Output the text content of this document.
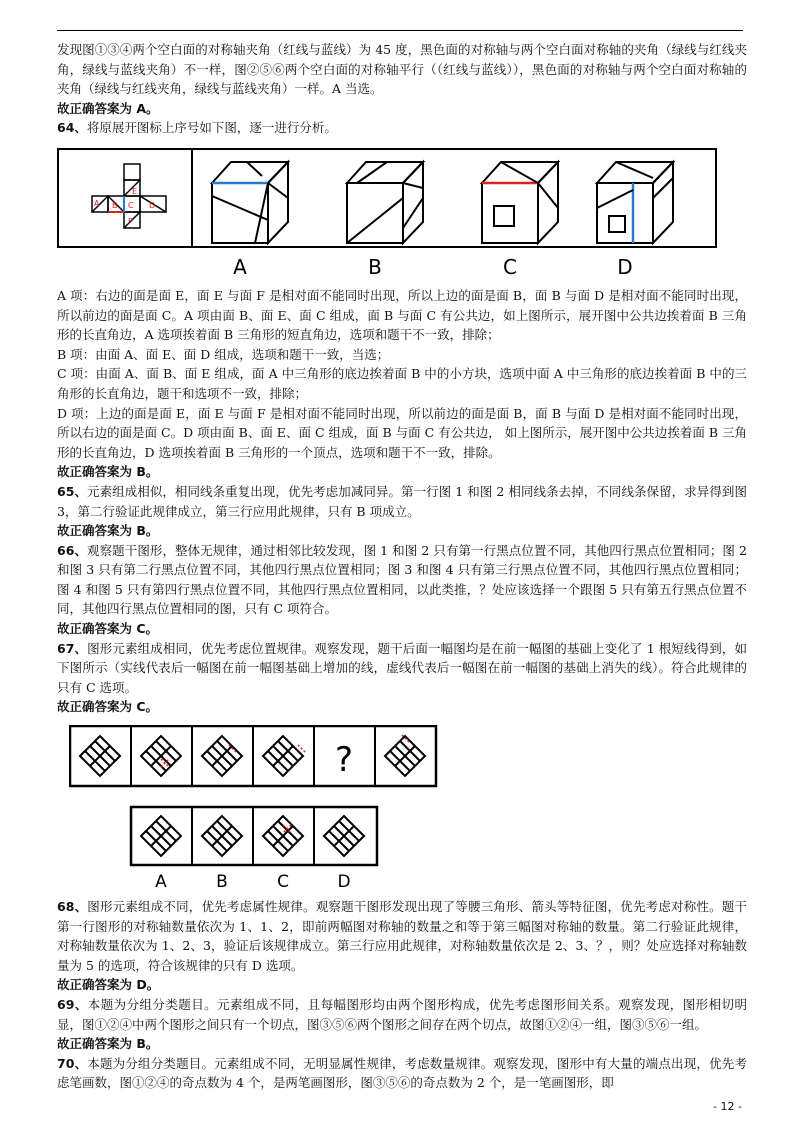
发现图①③④两个空白面的对称轴夹角（红线与蓝线）为 45 度，黑色面的对称轴与两个空白面对称轴的夹角（绿线与红线夹角，绿线与蓝线夹角）不一样，图②⑤⑥两个空白面的对称轴平行（（红线与蓝线）），黑色面的对称轴与两个空白面对称轴的夹角（绿线与红线夹角，绿线与蓝线夹角）一样。A 当选。

故正确答案为 A。

64、将原展开图标上序号如下图，逐一进行分析。

A B
E
C D
F
A	B	C	D

A 项：右边的面是面 E，面 E 与面 F 是相对面不能同时出现，所以上边的面是面 B，面 B 与面 D 是相对面不能同时出现，所以前边的面是面 C。A 项由面 B、面 E、面 C 组成，面 B 与面 C 有公共边，如上图所示，展开图中公共边挨着面 B 三角形的长直角边，A 选项挨着面 B 三角形的短直角边，选项和题干不一致，排除；

B 项：由面 A、面 E、面 D 组成，选项和题干一致，当选；

C 项：由面 A、面 B、面 E 组成，面 A 中三角形的底边挨着面 B 中的小方块，选项中面 A 中三角形的底边挨着面 B 中的三角形的长直角边，题干和选项不一致，排除；

D 项：上边的面是面 E，面 E 与面 F 是相对面不能同时出现，所以前边的面是面 B，面 B 与面 D 是相对面不能同时出现，所以右边的面是面 C。D 项由面 B、面 E、面 C 组成，面 B 与面 C 有公共边， 如上图所示，展开图中公共边挨着面 B 三角形的长直角边，D 选项挨着面 B 三角形的一个顶点，选项和题干不一致，排除。

故正确答案为 B。

65、元素组成相似，相同线条重复出现，优先考虑加减同异。第一行图 1 和图 2 相同线条去掉，不同线条保留，求异得到图 3，第二行验证此规律成立，第三行应用此规律，只有 B 项成立。

故正确答案为 B。

66、观察题干图形，整体无规律，通过相邻比较发现，图 1 和图 2 只有第一行黑点位置不同，其他四行黑点位置相同；图 2 和图 3 只有第二行黑点位置不同，其他四行黑点位置相同；图 3 和图 4 只有第三行黑点位置不同，其他四行黑点位置相同；图 4 和图 5 只有第四行黑点位置不同，其他四行黑点位置相同，以此类推，？处应该选择一个跟图 5 只有第五行黑点位置不同，其他四行黑点位置相同的图，只有 C 项符合。

故正确答案为 C。

67、图形元素组成相同，优先考虑位置规律。观察发现，题干后面一幅图均是在前一幅图的基础上变化了 1 根短线得到，如下图所示（实线代表后一幅图在前一幅图基础上增加的线，虚线代表后一幅图在前一幅图的基础上消失的线）。符合此规律的只有 C 选项。

故正确答案为 C。

?
A	B	C	D

68、图形元素组成不同，优先考虑属性规律。观察题干图形发现出现了等腰三角形、箭头等特征图，优先考虑对称性。题干第一行图形的对称轴数量依次为 1、1、2，即前两幅图对称轴的数量之和等于第三幅图对称轴的数量。第二行验证此规律，对称轴数量依次为 1、2、3，验证后该规律成立。第三行应用此规律，对称轴数量依次是 2、3、？，则？处应选择对称轴数量为 5 的选项，符合该规律的只有 D 选项。

故正确答案为 D。

69、本题为分组分类题目。元素组成不同，且每幅图形均由两个图形构成，优先考虑图形间关系。观察发现，图形相切明显，图①②④中两个图形之间只有一个切点，图③⑤⑥两个图形之间存在两个切点，故图①②④一组，图③⑤⑥一组。

故正确答案为 B。

70、本题为分组分类题目。元素组成不同，无明显属性规律，考虑数量规律。观察发现，图形中有大量的端点出现，优先考虑笔画数，图①②④的奇点数为 4 个，是两笔画图形，图③⑤⑥的奇点数为 2 个，是一笔画图形，即

- 12 -
